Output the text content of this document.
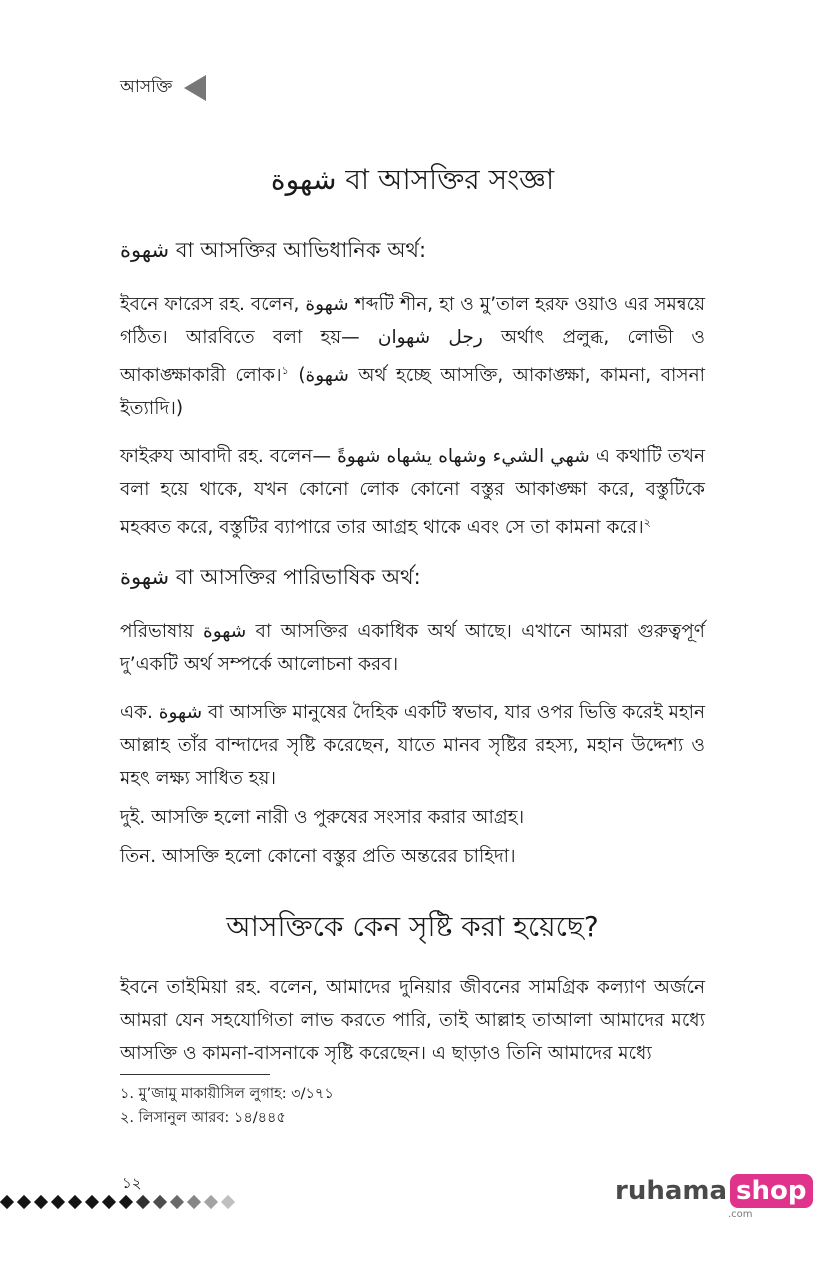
আসক্তি
شهوة বা আসক্তির সংজ্ঞা
شهوة বা আসক্তির আভিধানিক অর্থ:

ইবনে ফারেস রহ. বলেন, شهوة শব্দটি শীন, হা ও মু’তাল হরফ ওয়াও এর সমন্বয়ে গঠিত। আরবিতে বলা হয়— رجل شهوان অর্থাৎ প্রলুব্ধ, লোভী ও আকাঙ্ক্ষাকারী লোক।$^১$ (شهوة অর্থ হচ্ছে আসক্তি, আকাঙ্ক্ষা, কামনা, বাসনা ইত্যাদি।)

ফাইরুয আবাদী রহ. বলেন— شهي الشيء وشهاه يشهاه شهوةً এ কথাটি তখন বলা হয়ে থাকে, যখন কোনো লোক কোনো বস্তুর আকাঙ্ক্ষা করে, বস্তুটিকে মহব্বত করে, বস্তুটির ব্যাপারে তার আগ্রহ থাকে এবং সে তা কামনা করে।$^২$

شهوة বা আসক্তির পারিভাষিক অর্থ:

পরিভাষায় شهوة বা আসক্তির একাধিক অর্থ আছে। এখানে আমরা গুরুত্বপূর্ণ দু’একটি অর্থ সম্পর্কে আলোচনা করব।

এক. شهوة বা আসক্তি মানুষের দৈহিক একটি স্বভাব, যার ওপর ভিত্তি করেই মহান আল্লাহ তাঁর বান্দাদের সৃষ্টি করেছেন, যাতে মানব সৃষ্টির রহস্য, মহান উদ্দেশ্য ও মহৎ লক্ষ্য সাধিত হয়।

দুই. আসক্তি হলো নারী ও পুরুষের সংসার করার আগ্রহ।

তিন. আসক্তি হলো কোনো বস্তুর প্রতি অন্তরের চাহিদা।

আসক্তিকে কেন সৃষ্টি করা হয়েছে?

ইবনে তাইমিয়া রহ. বলেন, আমাদের দুনিয়ার জীবনের সামগ্রিক কল্যাণ অর্জনে আমরা যেন সহযোগিতা লাভ করতে পারি, তাই আল্লাহ তাআলা আমাদের মধ্যে আসক্তি ও কামনা-বাসনাকে সৃষ্টি করেছেন। এ ছাড়াও তিনি আমাদের মধ্যে

১. মু’জামু মাকায়ীসিল লুগাহ: ৩/১৭১
২. লিসানুল আরব: ১৪/৪৪৫
১২	ruhama shop
.com
